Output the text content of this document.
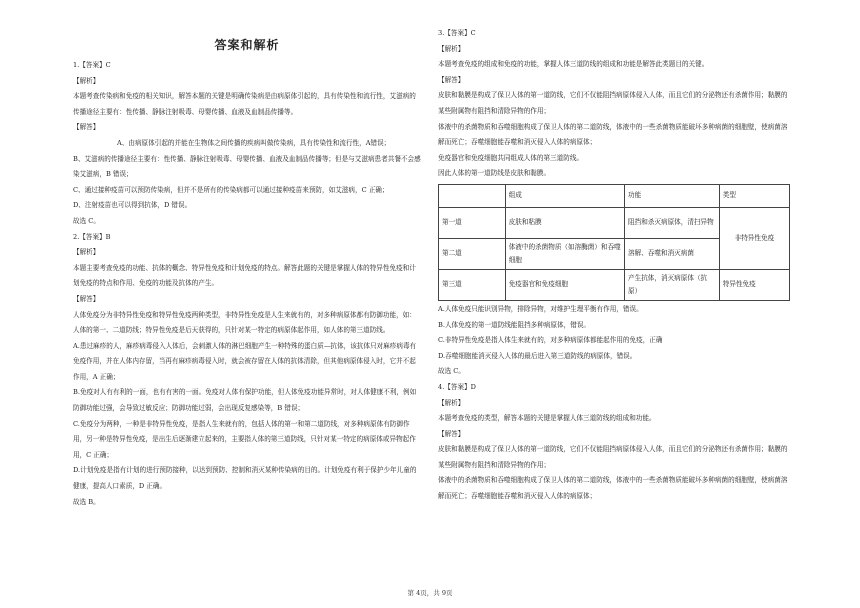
答案和解析

1.【答案】C

【解析】

本题考查传染病和免疫的相关知识，解答本题的关键是明确传染病是由病原体引起的，具有传染性和流行性，艾滋病的传播途径主要有：性传播、静脉注射吸毒、母婴传播、血液及血制品传播等。

【解答】

A、由病原体引起的并能在生物体之间传播的疾病叫做传染病，具有传染性和流行性，A错误；

B、艾滋病的传播途径主要有：性传播、静脉注射吸毒、母婴传播、血液及血制品传播等；但是与艾滋病患者共餐不会感染艾滋病，B 错误；

C、通过接种疫苗可以预防传染病，但并不是所有的传染病都可以通过接种疫苗来预防，如艾滋病，C 正确；

D、注射疫苗也可以得到抗体，D 错误。

故选 C。

2.【答案】B

【解析】

本题主要考查免疫的功能、抗体的概念、特异性免疫和计划免疫的特点。解答此题的关键是掌握人体的特异性免疫和计划免疫的特点和作用、免疫的功能及抗体的产生。

【解答】

人体免疫分为非特异性免疫和特异性免疫两种类型，非特异性免疫是人生来就有的，对多种病原体都有防御功能，如：人体的第一、二道防线；特异性免疫是后天获得的，只针对某一特定的病原体起作用，如人体的第三道防线。

A.患过麻疹的人，麻疹病毒侵入人体后，会刺激人体的淋巴细胞产生一种特殊的蛋白质—抗体，该抗体只对麻疹病毒有免疫作用，并在人体内存留，当再有麻疹病毒侵入时，就会被存留在人体的抗体清除，但其他病原体侵入时，它并不起作用，A 正确；

B.免疫对人有有利的一面，也有有害的一面。免疫对人体有保护功能，但人体免疫功能异常时，对人体健康不利，例如防御功能过强，会导致过敏反应；防御功能过弱，会出现反复感染等，B 错误；

C.免疫分为两种，一种是非特异性免疫，是指人生来就有的，包括人体的第一和第二道防线，对多种病原体有防御作用，另一种是特异性免疫，是出生后逐渐建立起来的，主要指人体的第三道防线，只针对某一特定的病原体或异物起作用，C 正确；

D.计划免疫是指有计划的进行预防接种，以达到预防、控制和消灭某种传染病的目的。计划免疫有利于保护少年儿童的健康，提高人口素质，D 正确。

故选 B。

3.【答案】C

【解析】

本题考查免疫的组成和免疫的功能，掌握人体三道防线的组成和功能是解答此类题目的关键。

【解答】

皮肤和黏膜是构成了保卫人体的第一道防线，它们不仅能阻挡病原体侵入人体，而且它们的分泌物还有杀菌作用；黏膜的某些附属物有阻挡和清除异物的作用；

体液中的杀菌物质和吞噬细胞构成了保卫人体的第二道防线，体液中的一些杀菌物质能破坏多种病菌的细胞壁，使病菌溶解而死亡；吞噬细胞能吞噬和消灭侵入人体的病原体；

免疫器官和免疫细胞共同组成人体的第三道防线。

因此人体的第一道防线是皮肤和黏膜。

	组成	功能	类型
第一道	皮肤和粘膜	阻挡和杀灭病原体，清扫异物	非特异性免疫
第二道	体液中的杀菌物质（如溶酶菌）和吞噬细胞	溶解、吞噬和消灭病菌	
第三道	免疫器官和免疫细胞	产生抗体，消灭病原体（抗原）	特异性免疫

A.人体免疫只能识别异物，排除异物，对维护生理平衡有作用，错误。

B.人体免疫的第一道防线能阻挡多种病原体，错误。

C.非特异性免疫是指人体生来就有的，对多种病原体都能起作用的免疫，正确

D.吞噬细胞能消灭侵入人体的最后进入第三道防线的病原体，错误。

故选 C。

4.【答案】D

【解析】

本题考查免疫的类型，解答本题的关键是掌握人体三道防线的组成和功能。

【解答】

皮肤和黏膜是构成了保卫人体的第一道防线，它们不仅能阻挡病原体侵入人体，而且它们的分泌物还有杀菌作用；黏膜的某些附属物有阻挡和清除异物的作用；

体液中的杀菌物质和吞噬细胞构成了保卫人体的第二道防线，体液中的一些杀菌物质能破坏多种病菌的细胞壁，使病菌溶解而死亡；吞噬细胞能吞噬和消灭侵入人体的病原体；

第 4页，共 9页
